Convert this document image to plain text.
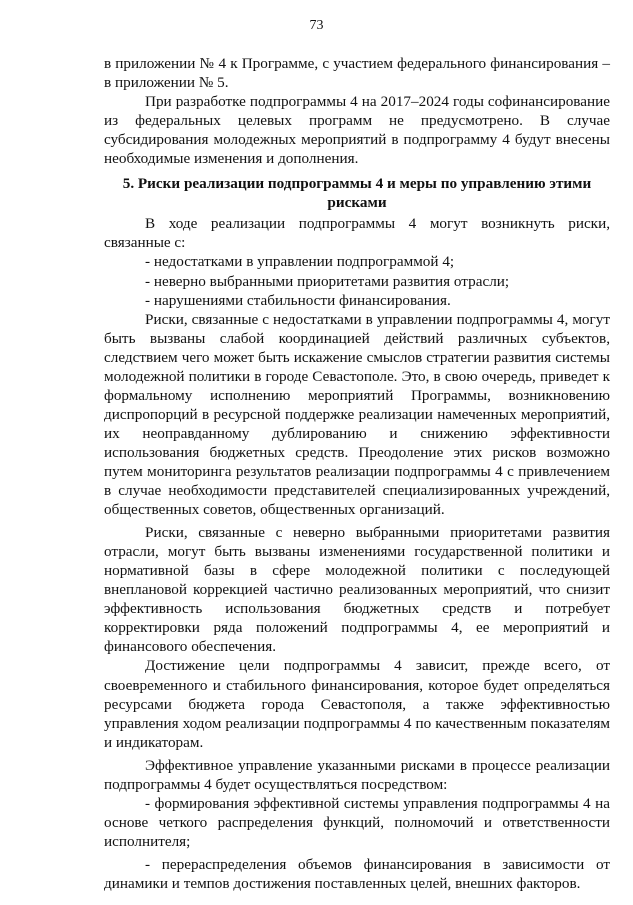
73

в приложении № 4 к Программе, с участием федерального финансирования – в приложении № 5.

При разработке подпрограммы 4 на 2017–2024 годы софинансирование из федеральных целевых программ не предусмотрено. В случае субсидирования молодежных мероприятий в подпрограмму 4 будут внесены необходимые изменения и дополнения.

5. Риски реализации подпрограммы 4 и меры по управлению этими рисками

В ходе реализации подпрограммы 4 могут возникнуть риски, связанные с:

- недостатками в управлении подпрограммой 4;

- неверно выбранными приоритетами развития отрасли;

- нарушениями стабильности финансирования.

Риски, связанные с недостатками в управлении подпрограммы 4, могут быть вызваны слабой координацией действий различных субъектов, следствием чего может быть искажение смыслов стратегии развития системы молодежной политики в городе Севастополе. Это, в свою очередь, приведет к формальному исполнению мероприятий Программы, возникновению диспропорций в ресурсной поддержке реализации намеченных мероприятий, их неоправданному дублированию и снижению эффективности использования бюджетных средств. Преодоление этих рисков возможно путем мониторинга результатов реализации подпрограммы 4 с привлечением в случае необходимости представителей специализированных учреждений, общественных советов, общественных организаций.

Риски, связанные с неверно выбранными приоритетами развития отрасли, могут быть вызваны изменениями государственной политики и нормативной базы в сфере молодежной политики с последующей внеплановой коррекцией частично реализованных мероприятий, что снизит эффективность использования бюджетных средств и потребует корректировки ряда положений подпрограммы 4, ее мероприятий и финансового обеспечения.

Достижение цели подпрограммы 4 зависит, прежде всего, от своевременного и стабильного финансирования, которое будет определяться ресурсами бюджета города Севастополя, а также эффективностью управления ходом реализации подпрограммы 4 по качественным показателям и индикаторам.

Эффективное управление указанными рисками в процессе реализации подпрограммы 4 будет осуществляться посредством:

- формирования эффективной системы управления подпрограммы 4 на основе четкого распределения функций, полномочий и ответственности исполнителя;

- перераспределения объемов финансирования в зависимости от динамики и темпов достижения поставленных целей, внешних факторов.
